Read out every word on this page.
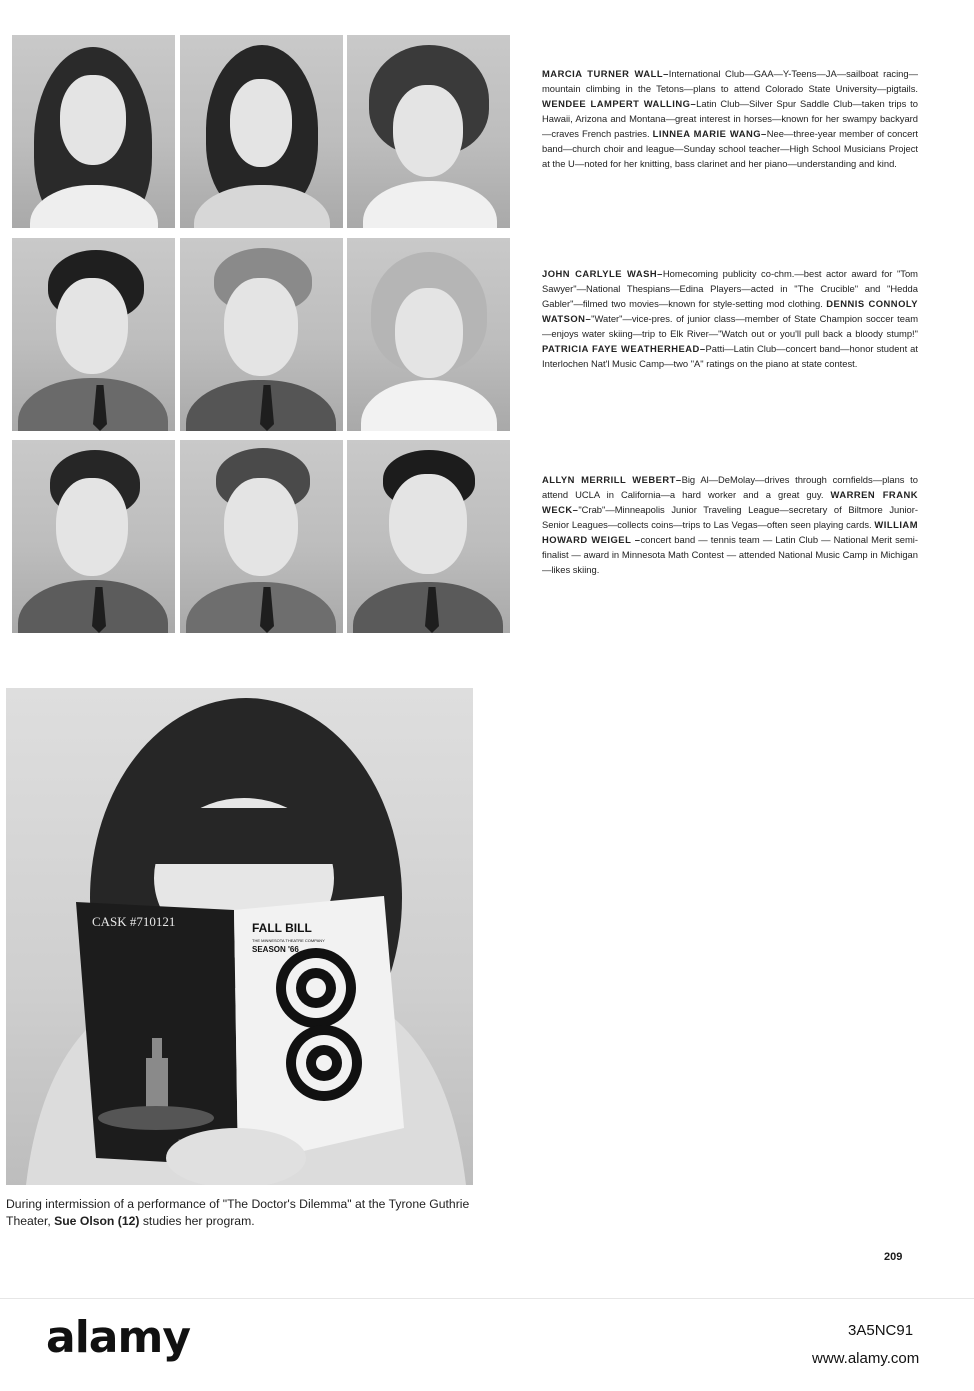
MARCIA TURNER WALL–International Club—GAA—Y-Teens—JA—sailboat racing—mountain climbing in the Tetons—plans to attend Colorado State University—pigtails. WENDEE LAMPERT WALLING–Latin Club—Silver Spur Saddle Club—taken trips to Hawaii, Arizona and Montana—great interest in horses—known for her swampy backyard—craves French pastries. LINNEA MARIE WANG–Nee—three-year member of concert band—church choir and league—Sunday school teacher—High School Musicians Project at the U—noted for her knitting, bass clarinet and her piano—understanding and kind.
JOHN CARLYLE WASH–Homecoming publicity co-chm.—best actor award for "Tom Sawyer"—National Thespians—Edina Players—acted in "The Crucible" and "Hedda Gabler"—filmed two movies—known for style-setting mod clothing. DENNIS CONNOLY WATSON–"Water"—vice-pres. of junior class—member of State Champion soccer team—enjoys water skiing—trip to Elk River—"Watch out or you'll pull back a bloody stump!" PATRICIA FAYE WEATHERHEAD–Patti—Latin Club—concert band—honor student at Interlochen Nat'l Music Camp—two "A" ratings on the piano at state contest.
ALLYN MERRILL WEBERT–Big Al—DeMolay—drives through cornfields—plans to attend UCLA in California—a hard worker and a great guy. WARREN FRANK WECK–"Crab"—Minneapolis Junior Traveling League—secretary of Biltmore Junior-Senior Leagues—collects coins—trips to Las Vegas—often seen playing cards. WILLIAM HOWARD WEIGEL –concert band — tennis team — Latin Club — National Merit semi-finalist — award in Minnesota Math Contest — attended National Music Camp in Michigan—likes skiing.
CASK #710121	FALL BILL
THE MINNESOTA THEATRE COMPANY
SEASON '66
During intermission of a performance of "The Doctor's Dilemma" at the Tyrone Guthrie Theater, Sue Olson (12) studies her program.
209
alamy	3A5NC91
www.alamy.com
